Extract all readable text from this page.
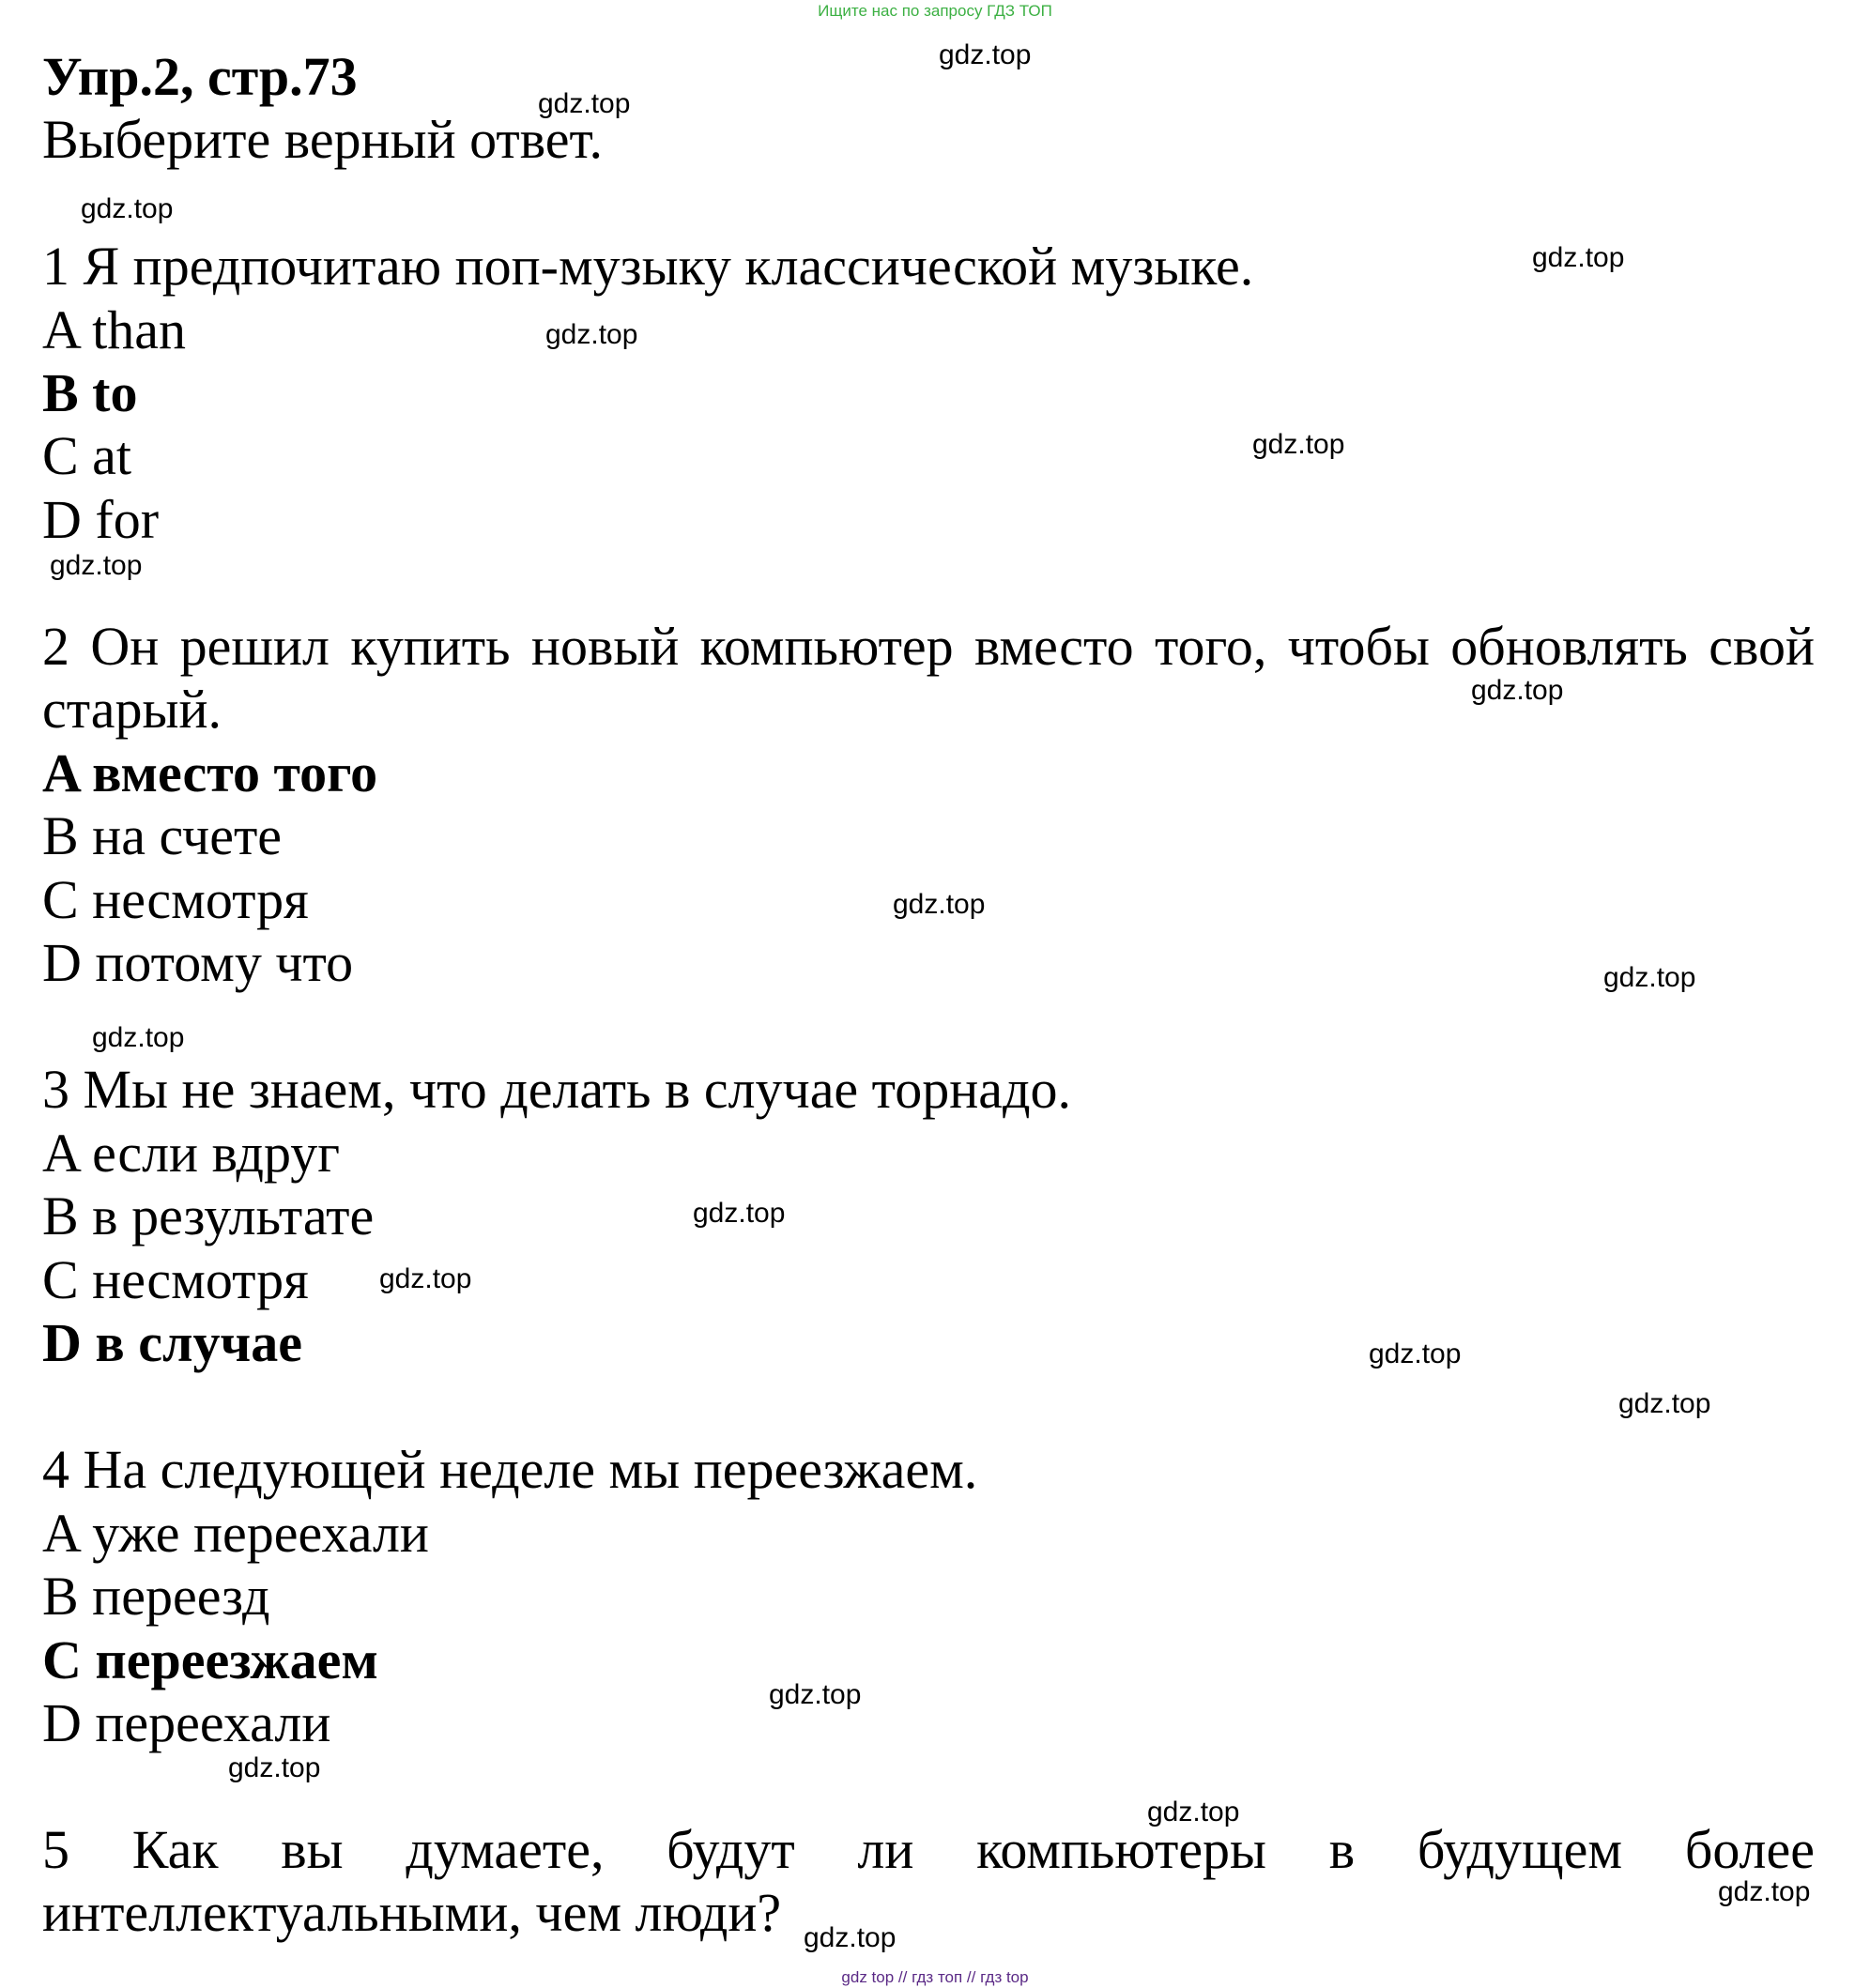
Ищите нас по запросу ГДЗ ТОП
Упр.2, стр.73
Выберите верный ответ.
1 Я предпочитаю поп-музыку классической музыке.
A than
B to
C at
D for
2 Он решил купить новый компьютер вместо того, чтобы обновлять свой
старый.
A вместо того
B на счете
C несмотря
D потому что
3 Мы не знаем, что делать в случае торнадо.
A если вдруг
B в результате
C несмотря
D в случае
4 На следующей неделе мы переезжаем.
A уже переехали
B переезд
C переезжаем
D переехали
5 Как вы думаете, будут ли компьютеры в будущем более
интеллектуальными, чем люди?
gdz.top
gdz.top
gdz.top
gdz.top
gdz.top
gdz.top
gdz.top
gdz.top
gdz.top
gdz.top
gdz.top
gdz.top
gdz.top
gdz.top
gdz.top
gdz.top
gdz.top
gdz.top
gdz.top
gdz.top
gdz top // гдз топ // гдз top
